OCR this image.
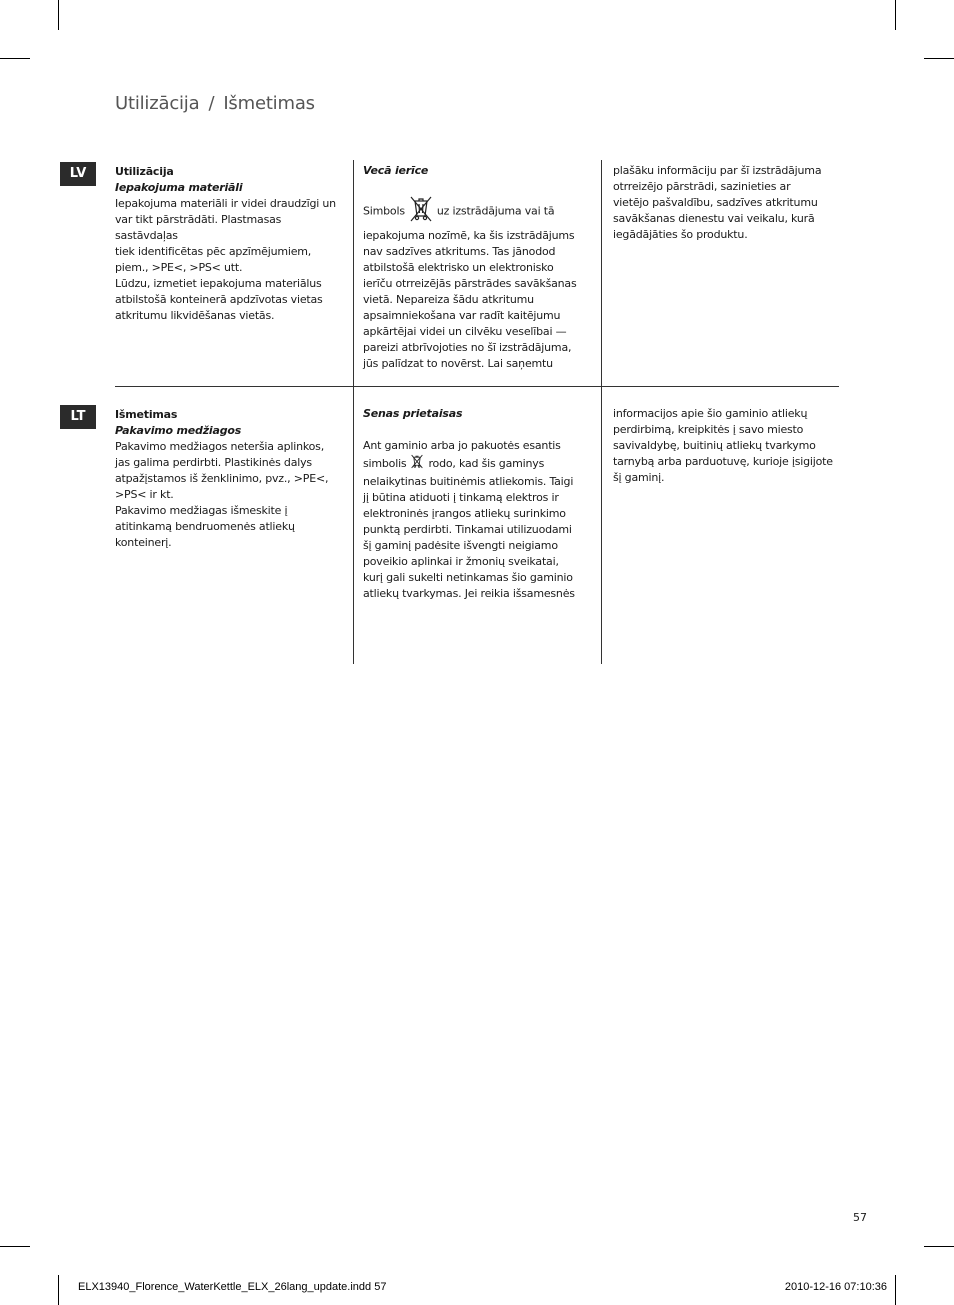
Utilizācija / Išmetimas
LV	Utilizācija

Iepakojuma materiāli

Iepakojuma materiāli ir videi draudzīgi un

var tikt pārstrādāti. Plastmasas sastāvdaļas

tiek identificētas pēc apzīmējumiem,

piem., >PE<, >PS< utt.

Lūdzu, izmetiet iepakojuma materiālus

atbilstošā konteinerā apdzīvotas vietas

atkritumu likvidēšanas vietās.

Vecā ierīce

Simbols	uz izstrādājuma vai tā

iepakojuma nozīmē, ka šis izstrādājums

nav sadzīves atkritums. Tas jānodod

atbilstošā elektrisko un elektronisko

ierīču otrreizējās pārstrādes savākšanas

vietā. Nepareiza šādu atkritumu

apsaimniekošana var radīt kaitējumu

apkārtējai videi un cilvēku veselībai —

pareizi atbrīvojoties no šī izstrādājuma,

jūs palīdzat to novērst. Lai saņemtu

plašāku informāciju par šī izstrādājuma

otrreizējo pārstrādi, sazinieties ar

vietējo pašvaldību, sadzīves atkritumu

savākšanas dienestu vai veikalu, kurā

iegādājāties šo produktu.

LT	Išmetimas

Pakavimo medžiagos

Pakavimo medžiagos neteršia aplinkos,

jas galima perdirbti. Plastikinės dalys

atpažįstamos iš ženklinimo, pvz., >PE<,

>PS< ir kt.

Pakavimo medžiagas išmeskite į

atitinkamą bendruomenės atliekų

konteinerį.

Senas prietaisas

Ant gaminio arba jo pakuotės esantis

simbolis rodo, kad šis gaminys

nelaikytinas buitinėmis atliekomis. Taigi

jį būtina atiduoti į tinkamą elektros ir

elektroninės įrangos atliekų surinkimo

punktą perdirbti. Tinkamai utilizuodami

šį gaminį padėsite išvengti neigiamo

poveikio aplinkai ir žmonių sveikatai,

kurį gali sukelti netinkamas šio gaminio

atliekų tvarkymas. Jei reikia išsamesnės

informacijos apie šio gaminio atliekų

perdirbimą, kreipkitės į savo miesto

savivaldybę, buitinių atliekų tvarkymo

tarnybą arba parduotuvę, kurioje įsigijote

šį gaminį.

57
ELX13940_Florence_WaterKettle_ELX_26lang_update.indd 57	2010-12-16 07:10:36
